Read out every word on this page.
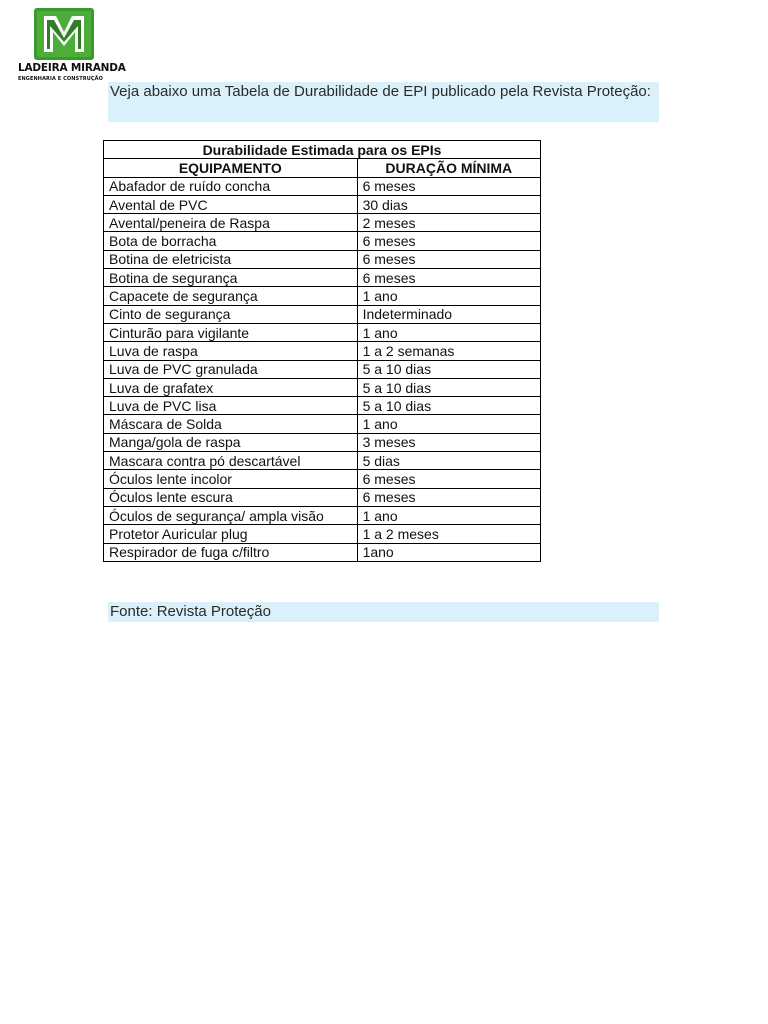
LADEIRA MIRANDA
ENGENHARIA E CONSTRUÇÃO
Veja abaixo uma Tabela de Durabilidade de EPI publicado pela Revista Proteção:
Durabilidade Estimada para os EPIs	
EQUIPAMENTO	DURAÇÃO MÍNIMA
Abafador de ruído concha	6 meses
Avental de PVC	30 dias
Avental/peneira de Raspa	2 meses
Bota de borracha	6 meses
Botina de eletricista	6 meses
Botina de segurança	6 meses
Capacete de segurança	1 ano
Cinto de segurança	Indeterminado
Cinturão para vigilante	1 ano
Luva de raspa	1 a 2 semanas
Luva de PVC granulada	5 a 10 dias
Luva de grafatex	5 a 10 dias
Luva de PVC lisa	5 a 10 dias
Máscara de Solda	1 ano
Manga/gola de raspa	3 meses
Mascara contra pó descartável	5 dias
Óculos lente incolor	6 meses
Óculos lente escura	6 meses
Óculos de segurança/ ampla visão	1 ano
Protetor Auricular plug	1 a 2 meses
Respirador de fuga c/filtro	1ano
Fonte: Revista Proteção
